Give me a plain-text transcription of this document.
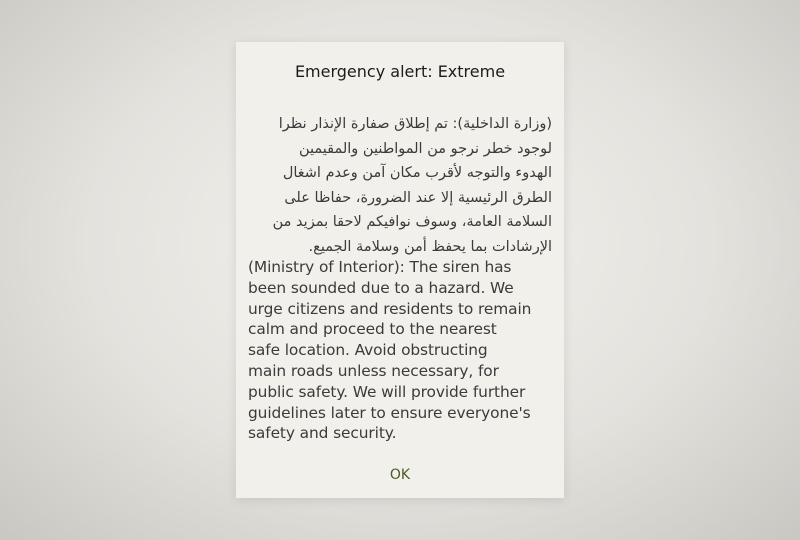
Emergency alert: Extreme
(وزارة الداخلية): تم إطلاق صفارة الإنذار نظرا
لوجود خطر نرجو من المواطنين والمقيمين
الهدوء والتوجه لأقرب مكان آمن وعدم اشغال
الطرق الرئيسية إلا عند الضرورة، حفاظا على
السلامة العامة، وسوف نوافيكم لاحقا بمزيد من
الإرشادات بما يحفظ أمن وسلامة الجميع.
(Ministry of Interior): The siren has
been sounded due to a hazard. We
urge citizens and residents to remain
calm and proceed to the nearest
safe location. Avoid obstructing
main roads unless necessary, for
public safety. We will provide further
guidelines later to ensure everyone's
safety and security.
OK
